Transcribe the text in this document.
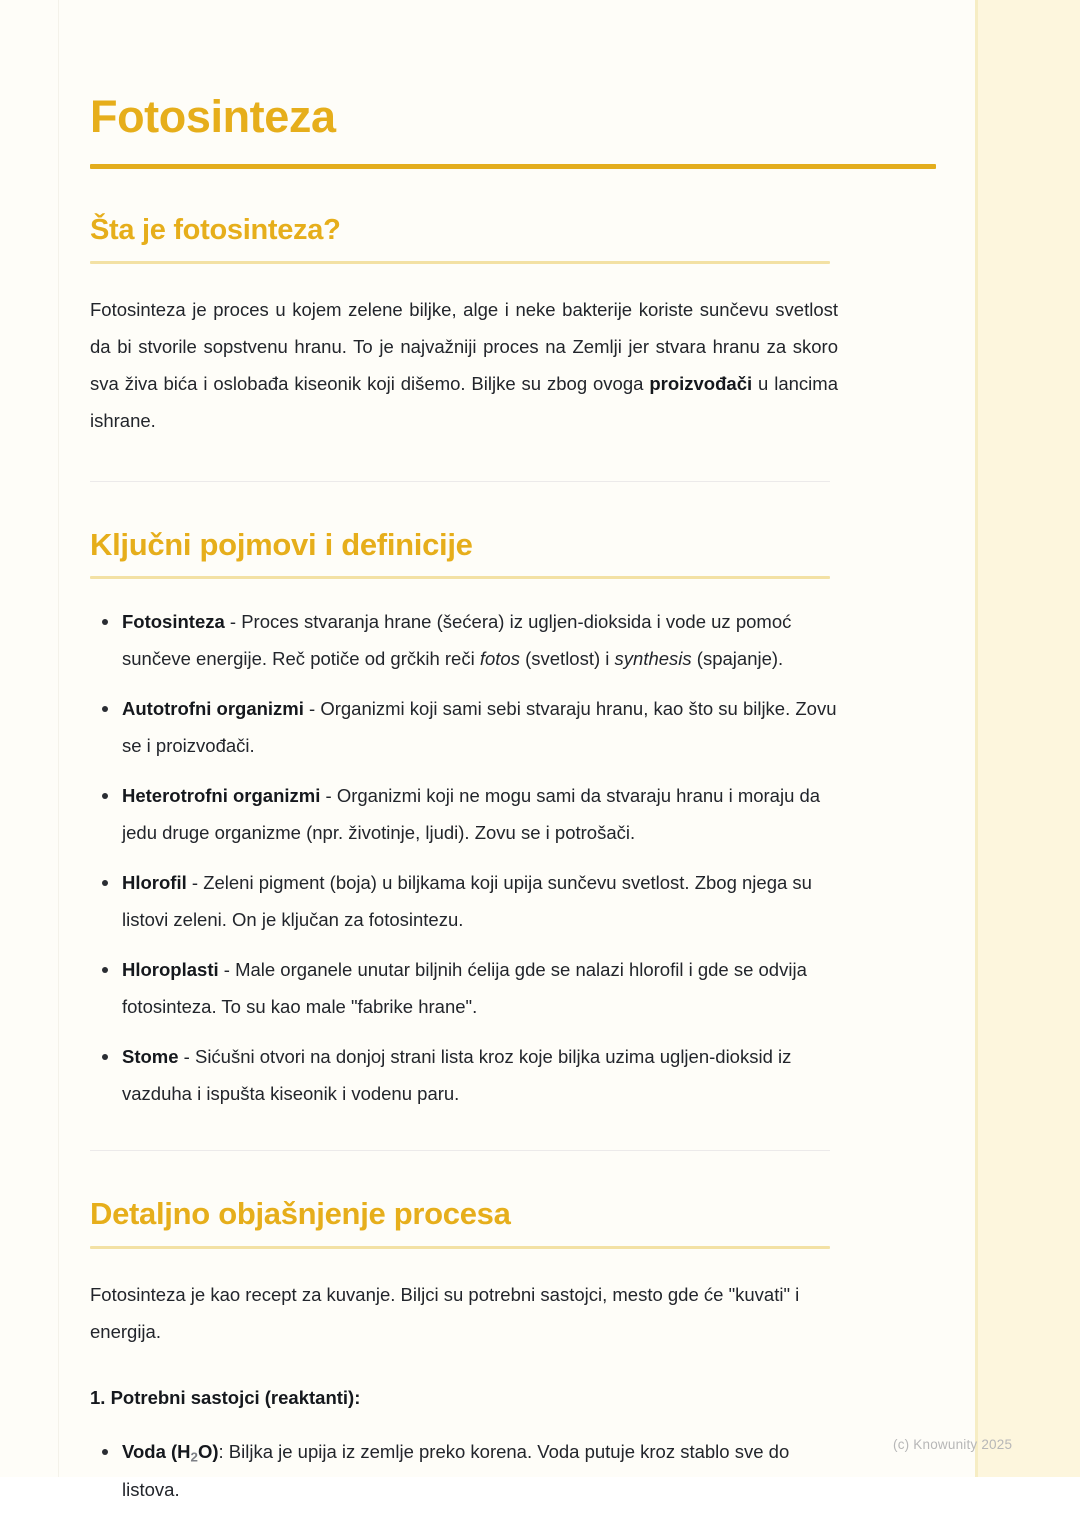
Fotosinteza
Šta je fotosinteza?

Fotosinteza je proces u kojem zelene biljke, alge i neke bakterije koriste sunčevu svetlost da bi stvorile sopstvenu hranu. To je najvažniji proces na Zemlji jer stvara hranu za skoro sva živa bića i oslobađa kiseonik koji dišemo. Biljke su zbog ovoga proizvođači u lancima ishrane.

Ključni pojmovi i definicije
Fotosinteza - Proces stvaranja hrane (šećera) iz ugljen-dioksida i vode uz pomoć sunčeve energije. Reč potiče od grčkih reči fotos (svetlost) i synthesis (spajanje).
Autotrofni organizmi - Organizmi koji sami sebi stvaraju hranu, kao što su biljke. Zovu se i proizvođači.
Heterotrofni organizmi - Organizmi koji ne mogu sami da stvaraju hranu i moraju da jedu druge organizme (npr. životinje, ljudi). Zovu se i potrošači.
Hlorofil - Zeleni pigment (boja) u biljkama koji upija sunčevu svetlost. Zbog njega su listovi zeleni. On je ključan za fotosintezu.
Hloroplasti - Male organele unutar biljnih ćelija gde se nalazi hlorofil i gde se odvija fotosinteza. To su kao male "fabrike hrane".
Stome - Sićušni otvori na donjoj strani lista kroz koje biljka uzima ugljen-dioksid iz vazduha i ispušta kiseonik i vodenu paru.
Detaljno objašnjenje procesa

Fotosinteza je kao recept za kuvanje. Biljci su potrebni sastojci, mesto gde će "kuvati" i energija.

1. Potrebni sastojci (reaktanti):

Voda $(H_2O)$: Biljka je upija iz zemlje preko korena. Voda putuje kroz stablo sve do listova.
(c) Knowunity 2025
